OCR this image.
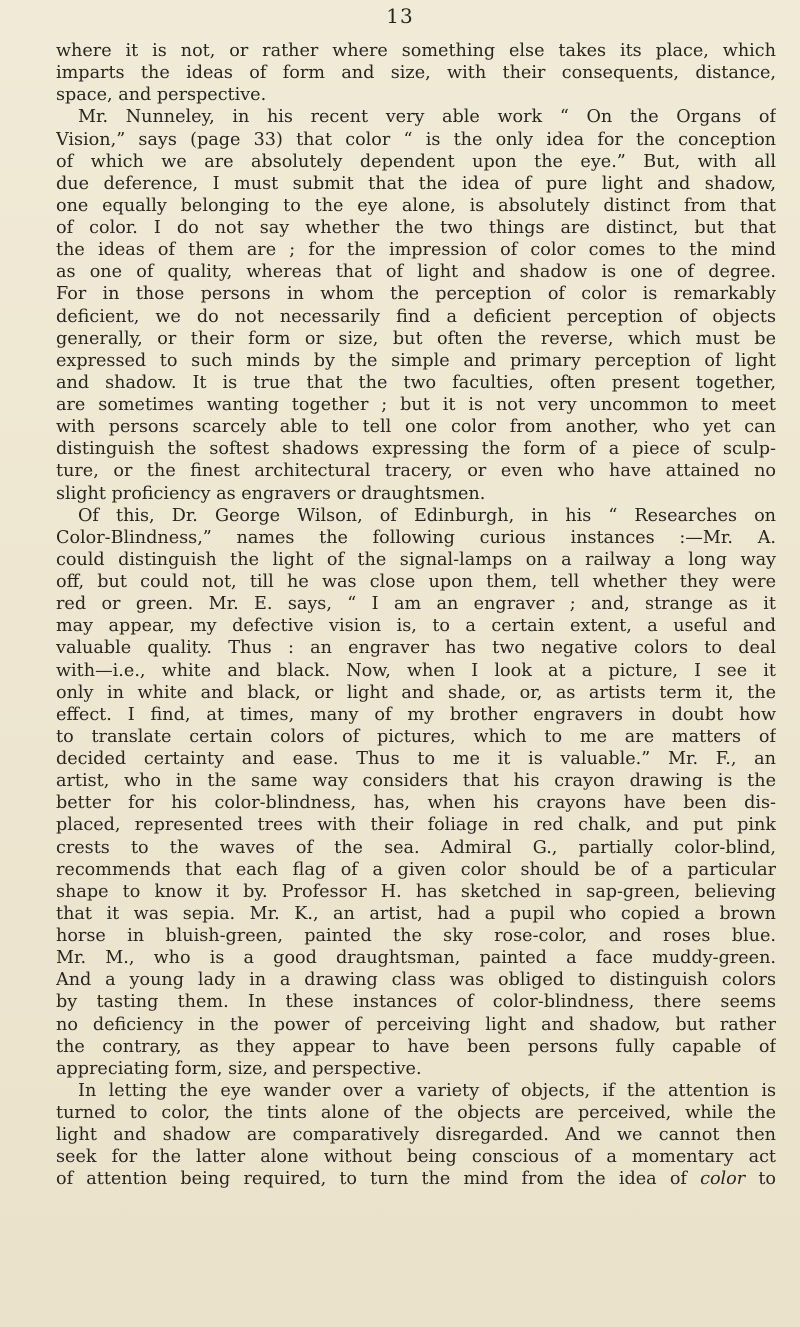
13
where it is not, or rather where something else takes its place, which
imparts the ideas of form and size, with their consequents, distance,
space, and perspective.
Mr. Nunneley, in his recent very able work “ On the Organs of
Vision,” says (page 33) that color “ is the only idea for the conception
of which we are absolutely dependent upon the eye.” But, with all
due deference, I must submit that the idea of pure light and shadow,
one equally belonging to the eye alone, is absolutely distinct from that
of color. I do not say whether the two things are distinct, but that
the ideas of them are ; for the impression of color comes to the mind
as one of quality, whereas that of light and shadow is one of degree.
For in those persons in whom the perception of color is remarkably
deficient, we do not necessarily find a deficient perception of objects
generally, or their form or size, but often the reverse, which must be
expressed to such minds by the simple and primary perception of light
and shadow. It is true that the two faculties, often present together,
are sometimes wanting together ; but it is not very uncommon to meet
with persons scarcely able to tell one color from another, who yet can
distinguish the softest shadows expressing the form of a piece of sculp-
ture, or the finest architectural tracery, or even who have attained no
slight proficiency as engravers or draughtsmen.
Of this, Dr. George Wilson, of Edinburgh, in his “ Researches on
Color-Blindness,” names the following curious instances :—Mr. A.
could distinguish the light of the signal-lamps on a railway a long way
off, but could not, till he was close upon them, tell whether they were
red or green. Mr. E. says, “ I am an engraver ; and, strange as it
may appear, my defective vision is, to a certain extent, a useful and
valuable quality. Thus : an engraver has two negative colors to deal
with—i.e., white and black. Now, when I look at a picture, I see it
only in white and black, or light and shade, or, as artists term it, the
effect. I find, at times, many of my brother engravers in doubt how
to translate certain colors of pictures, which to me are matters of
decided certainty and ease. Thus to me it is valuable.” Mr. F., an
artist, who in the same way considers that his crayon drawing is the
better for his color-blindness, has, when his crayons have been dis-
placed, represented trees with their foliage in red chalk, and put pink
crests to the waves of the sea. Admiral G., partially color-blind,
recommends that each flag of a given color should be of a particular
shape to know it by. Professor H. has sketched in sap-green, believing
that it was sepia. Mr. K., an artist, had a pupil who copied a brown
horse in bluish-green, painted the sky rose-color, and roses blue.
Mr. M., who is a good draughtsman, painted a face muddy-green.
And a young lady in a drawing class was obliged to distinguish colors
by tasting them. In these instances of color-blindness, there seems
no deficiency in the power of perceiving light and shadow, but rather
the contrary, as they appear to have been persons fully capable of
appreciating form, size, and perspective.
In letting the eye wander over a variety of objects, if the attention is
turned to color, the tints alone of the objects are perceived, while the
light and shadow are comparatively disregarded. And we cannot then
seek for the latter alone without being conscious of a momentary act
of attention being required, to turn the mind from the idea of color to
